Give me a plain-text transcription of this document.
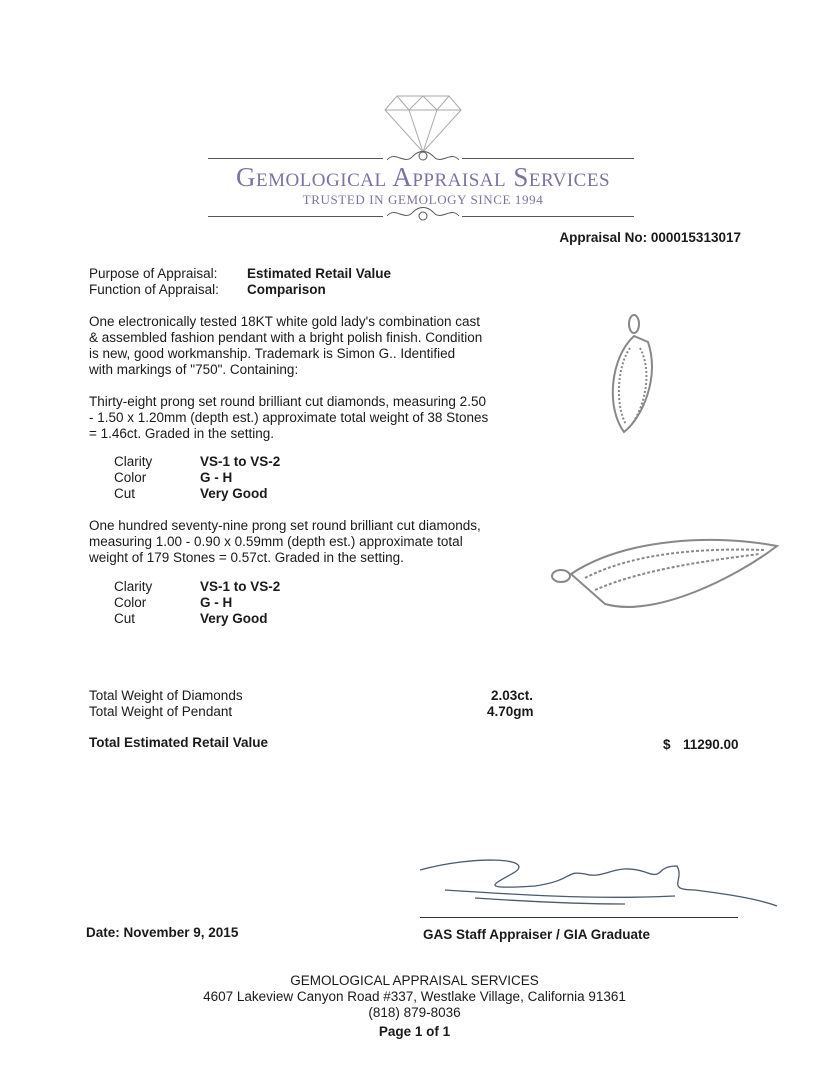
Gemological Appraisal Services
TRUSTED IN GEMOLOGY SINCE 1994
Appraisal No: 000015313017
Purpose of Appraisal: Estimated Retail Value
Function of Appraisal: Comparison
One electronically tested 18KT white gold lady's combination cast
& assembled fashion pendant with a bright polish finish. Condition
is new, good workmanship. Trademark is Simon G.. Identified
with markings of "750". Containing:
Thirty-eight prong set round brilliant cut diamonds, measuring 2.50
- 1.50 x 1.20mm (depth est.) approximate total weight of 38 Stones
= 1.46ct. Graded in the setting.
Clarity	VS-1 to VS-2
Color	G - H
Cut	Very Good
One hundred seventy-nine prong set round brilliant cut diamonds,
measuring 1.00 - 0.90 x 0.59mm (depth est.) approximate total
weight of 179 Stones = 0.57ct. Graded in the setting.
Clarity	VS-1 to VS-2
Color	G - H
Cut	Very Good
Total Weight of Diamonds	2.03ct.
Total Weight of Pendant	4.70gm
Total Estimated Retail Value	$ 11290.00
Date: November 9, 2015	GAS Staff Appraiser / GIA Graduate
GEMOLOGICAL APPRAISAL SERVICES
4607 Lakeview Canyon Road #337, Westlake Village, California 91361
(818) 879-8036
Page 1 of 1
